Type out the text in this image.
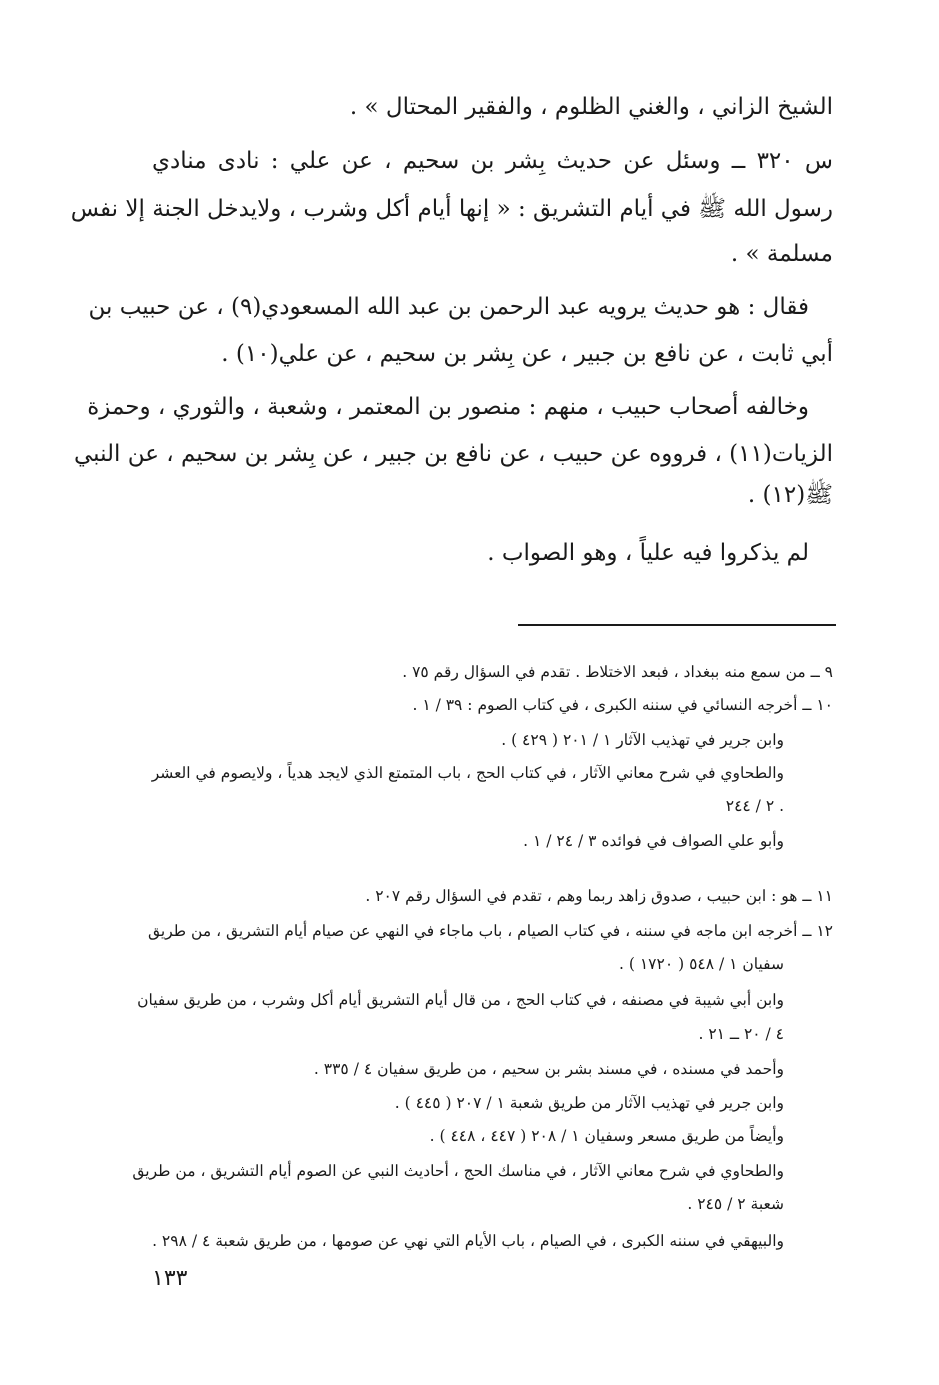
الشيخ الزاني ، والغني الظلوم ، والفقير المحتال » .
س ٣٢٠ ــ وسئل عن حديث بِشر بن سحيم ، عن علي : نادى منادي
رسول الله ﷺ في أيام التشريق : « إنها أيام أكل وشرب ، ولايدخل الجنة إلا نفس
مسلمة » .
فقال : هو حديث يرويه عبد الرحمن بن عبد الله المسعودي(٩) ، عن حبيب بن
أبي ثابت ، عن نافع بن جبير ، عن بِشر بن سحيم ، عن علي(١٠) .
وخالفه أصحاب حبيب ، منهم : منصور بن المعتمر ، وشعبة ، والثوري ، وحمزة
الزيات(١١) ، فرووه عن حبيب ، عن نافع بن جبير ، عن بِشر بن سحيم ، عن النبي
ﷺ(١٢) .
لم يذكروا فيه علياً ، وهو الصواب .
٩ ــ من سمع منه ببغداد ، فبعد الاختلاط . تقدم في السؤال رقم ٧٥ .
١٠ ــ أخرجه النسائي في سننه الكبرى ، في كتاب الصوم : ٣٩ / ١ .
وابن جرير في تهذيب الآثار ١ / ٢٠١ ( ٤٢٩ ) .
والطحاوي في شرح معاني الآثار ، في كتاب الحج ، باب المتمتع الذي لايجد هدياً ، ولايصوم في العشر
٢ / ٢٤٤ .
وأبو علي الصواف في فوائده ٣ / ٢٤ / ١ .
١١ ــ هو : ابن حبيب ، صدوق زاهد ربما وهم ، تقدم في السؤال رقم ٢٠٧ .
١٢ ــ أخرجه ابن ماجه في سننه ، في كتاب الصيام ، باب ماجاء في النهي عن صيام أيام التشريق ، من طريق
سفيان ١ / ٥٤٨ ( ١٧٢٠ ) .
وابن أبي شيبة في مصنفه ، في كتاب الحج ، من قال أيام التشريق أيام أكل وشرب ، من طريق سفيان
٤ / ٢٠ ــ ٢١ .
وأحمد في مسنده ، في مسند بشر بن سحيم ، من طريق سفيان ٤ / ٣٣٥ .
وابن جرير في تهذيب الآثار من طريق شعبة ١ / ٢٠٧ ( ٤٤٥ ) .
وأيضاً من طريق مسعر وسفيان ١ / ٢٠٨ ( ٤٤٧ ، ٤٤٨ ) .
والطحاوي في شرح معاني الآثار ، في مناسك الحج ، أحاديث النبي عن الصوم أيام التشريق ، من طريق
شعبة ٢ / ٢٤٥ .
والبيهقي في سننه الكبرى ، في الصيام ، باب الأيام التي نهي عن صومها ، من طريق شعبة ٤ / ٢٩٨ .
١٣٣
